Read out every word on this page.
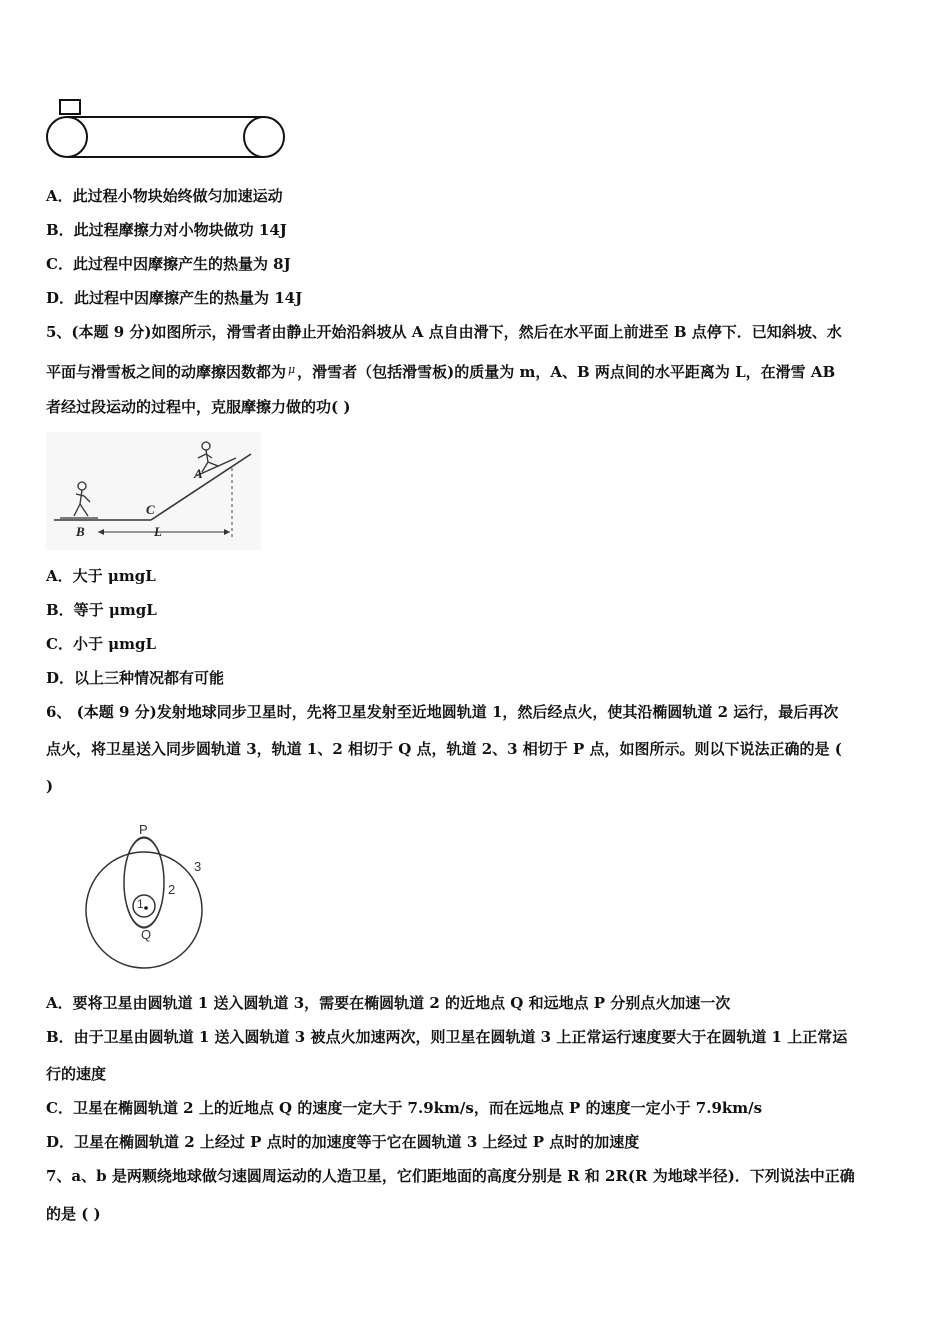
A．此过程小物块始终做匀加速运动
B．此过程摩擦力对小物块做功 14J
C．此过程中因摩擦产生的热量为 8J
D．此过程中因摩擦产生的热量为 14J
5、(本题 9 分)如图所示，滑雪者由静止开始沿斜坡从 A 点自由滑下，然后在水平面上前进至 B 点停下．已知斜坡、水
平面与滑雪板之间的动摩擦因数都为 $^\mu$ ，滑雪者（包括滑雪板)的质量为 m，A、B 两点间的水平距离为 L，在滑雪 AB
者经过段运动的过程中，克服摩擦力做的功( )
A
B
C
L
A．大于 μmgL
B．等于 μmgL
C．小于 μmgL
D．以上三种情况都有可能
6、 (本题 9 分)发射地球同步卫星时，先将卫星发射至近地圆轨道 1，然后经点火，使其沿椭圆轨道 2 运行，最后再次
点火，将卫星送入同步圆轨道 3，轨道 1、2 相切于 Q 点，轨道 2、3 相切于 P 点，如图所示。则以下说法正确的是 (
)
P
Q
1
2
3
A．要将卫星由圆轨道 1 送入圆轨道 3，需要在椭圆轨道 2 的近地点 Q 和远地点 P 分别点火加速一次
B．由于卫星由圆轨道 1 送入圆轨道 3 被点火加速两次，则卫星在圆轨道 3 上正常运行速度要大于在圆轨道 1 上正常运
行的速度
C．卫星在椭圆轨道 2 上的近地点 Q 的速度一定大于 7.9km/s，而在远地点 P 的速度一定小于 7.9km/s
D．卫星在椭圆轨道 2 上经过 P 点时的加速度等于它在圆轨道 3 上经过 P 点时的加速度
7、a、b 是两颗绕地球做匀速圆周运动的人造卫星，它们距地面的高度分别是 R 和 2R(R 为地球半径)．下列说法中正确
的是 ( )
